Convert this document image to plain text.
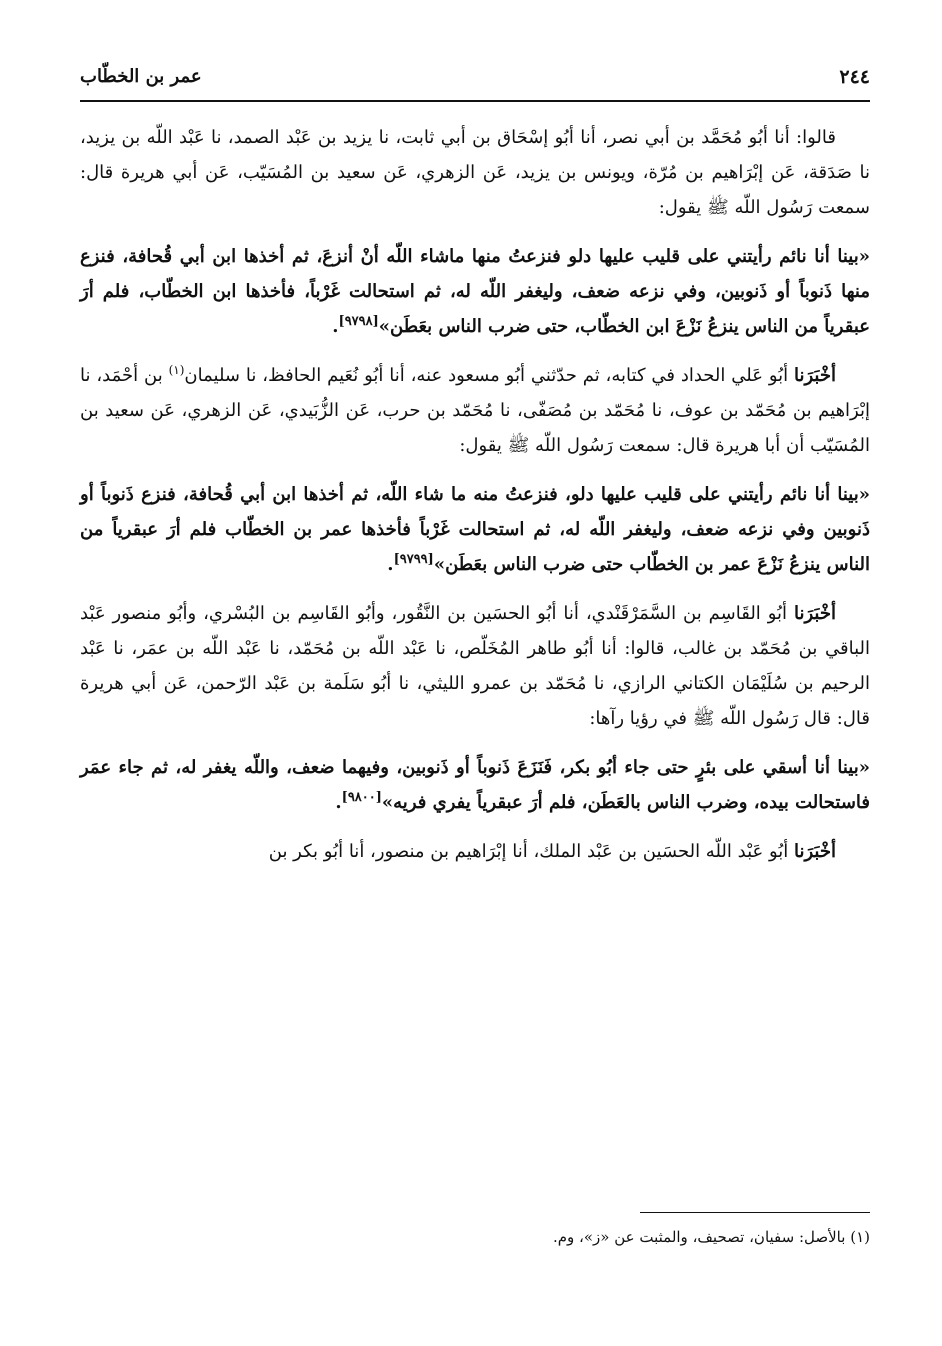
٢٤٤
عمر بن الخطّاب

قالوا: أنا أبُو مُحَمَّد بن أبي نصر، أنا أبُو إسْحَاق بن أبي ثابت، نا يزيد بن عَبْد الصمد، نا عَبْد اللّه بن يزيد، نا صَدَقة، عَن إبْرَاهيم بن مُرّة، ويونس بن يزيد، عَن الزهري، عَن سعيد بن المُسَيّب، عَن أبي هريرة قال: سمعت رَسُول اللّه ﷺ يقول:

«بينا أنا نائم رأيتني على قليب عليها دلو فنزعتُ منها ماشاء اللّه أنْ أنزعَ، ثم أخذها ابن أبي قُحافة، فنزع منها ذَنوباً أو ذَنوبين، وفي نزعه ضعف، وليغفر اللّه له، ثم استحالت غَرْباً، فأخذها ابن الخطّاب، فلم أرَ عبقرياً من الناس ينزعُ نَزْعَ ابن الخطّاب، حتى ضرب الناس بعَطَن»[٩٧٩٨].

أخْبَرَنا أبُو عَلي الحداد في كتابه، ثم حدّثني أبُو مسعود عنه، أنا أبُو نُعَيم الحافظ، نا سليمان$^{(١)}$ بن أحْمَد، نا إبْرَاهيم بن مُحَمّد بن عوف، نا مُحَمّد بن مُصَفّى، نا مُحَمّد بن حرب، عَن الزُّبَيدي، عَن الزهري، عَن سعيد بن المُسَيّب أن أبا هريرة قال: سمعت رَسُول اللّه ﷺ يقول:

«بينا أنا نائم رأيتني على قليب عليها دلو، فنزعتُ منه ما شاء اللّه، ثم أخذها ابن أبي قُحافة، فنزع ذَنوباً أو ذَنوبين وفي نزعه ضعف، وليغفر اللّه له، ثم استحالت غَرْباً فأخذها عمر بن الخطّاب فلم أرَ عبقرياً من الناس ينزعُ نَزْعَ عمر بن الخطّاب حتى ضرب الناس بعَطَن»[٩٧٩٩].

أخْبَرَنا أبُو القَاسِم بن السَّمَرْقَنْدي، أنا أبُو الحسَين بن النَّقُور، وأبُو القَاسِم بن البُسْري، وأبُو منصور عَبْد الباقي بن مُحَمّد بن غالب، قالوا: أنا أبُو طاهر المُخَلّص، نا عَبْد اللّه بن مُحَمّد، نا عَبْد اللّه بن عمَر، نا عَبْد الرحيم بن سُلَيْمَان الكتاني الرازي، نا مُحَمّد بن عمرو الليثي، نا أبُو سَلَمة بن عَبْد الرّحمن، عَن أبي هريرة قال: قال رَسُول اللّه ﷺ في رؤيا رآها:

«بينا أنا أسقي على بئرٍ حتى جاء أبُو بكر، فَنَزَعَ ذَنوباً أو ذَنوبين، وفيهما ضعف، واللّه يغفر له، ثم جاء عمَر فاستحالت بيده، وضرب الناس بالعَطَن، فلم أرَ عبقرياً يفري فريه»[٩٨٠٠].

أخْبَرَنا أبُو عَبْد اللّه الحسَين بن عَبْد الملك، أنا إبْرَاهيم بن منصور، أنا أبُو بكر بن

(١) بالأصل: سفيان، تصحيف، والمثبت عن «ز»، وم.
